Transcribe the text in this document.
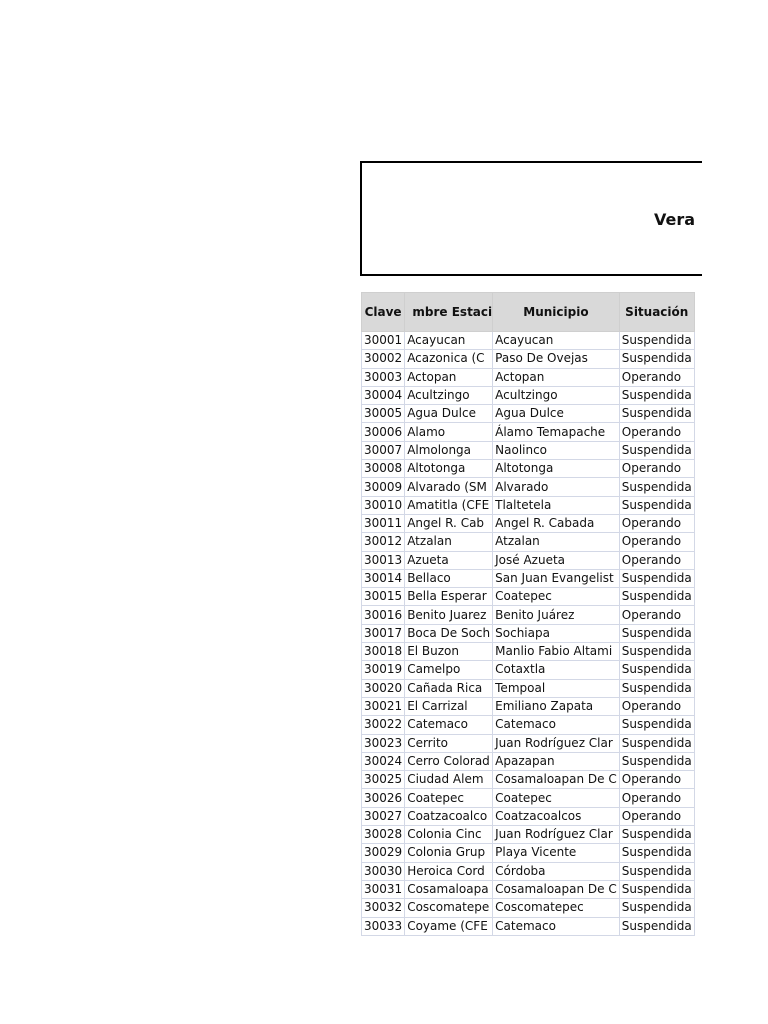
Vera
Clave	mbre Estaci	Municipio	Situación
30001	Acayucan	Acayucan	Suspendida
30002	Acazonica (C	Paso De Ovejas	Suspendida
30003	Actopan	Actopan	Operando
30004	Acultzingo	Acultzingo	Suspendida
30005	Agua Dulce	Agua Dulce	Suspendida
30006	Alamo	Álamo Temapache	Operando
30007	Almolonga	Naolinco	Suspendida
30008	Altotonga	Altotonga	Operando
30009	Alvarado (SM	Alvarado	Suspendida
30010	Amatitla (CFE	Tlaltetela	Suspendida
30011	Angel R. Cab	Angel R. Cabada	Operando
30012	Atzalan	Atzalan	Operando
30013	Azueta	José Azueta	Operando
30014	Bellaco	San Juan Evangelist	Suspendida
30015	Bella Esperar	Coatepec	Suspendida
30016	Benito Juarez	Benito Juárez	Operando
30017	Boca De Soch	Sochiapa	Suspendida
30018	El Buzon	Manlio Fabio Altami	Suspendida
30019	Camelpo	Cotaxtla	Suspendida
30020	Cañada Rica	Tempoal	Suspendida
30021	El Carrizal	Emiliano Zapata	Operando
30022	Catemaco	Catemaco	Suspendida
30023	Cerrito	Juan Rodríguez Clar	Suspendida
30024	Cerro Colorad	Apazapan	Suspendida
30025	Ciudad Alem	Cosamaloapan De C	Operando
30026	Coatepec	Coatepec	Operando
30027	Coatzacoalco	Coatzacoalcos	Operando
30028	Colonia Cinc	Juan Rodríguez Clar	Suspendida
30029	Colonia Grup	Playa Vicente	Suspendida
30030	Heroica Cord	Córdoba	Suspendida
30031	Cosamaloapa	Cosamaloapan De C	Suspendida
30032	Coscomatepe	Coscomatepec	Suspendida
30033	Coyame (CFE	Catemaco	Suspendida
